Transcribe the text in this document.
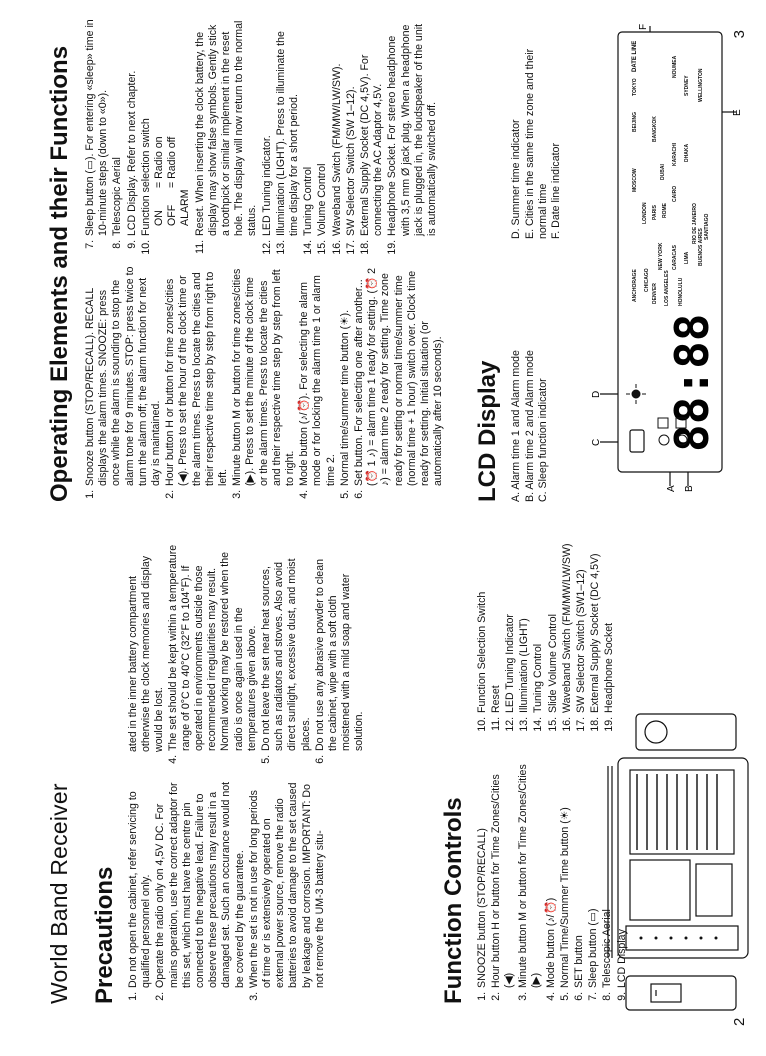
World Band Receiver Precautions 1. Do not open the cabinet, refer servicing to qualified personnel only. 2. Operate the radio only on 4,5V DC. For mains operation, use the correct adaptor for this set, which must have the centre pin connected to the negative lead. Failure to observe these precautions may result in a damaged set. Such an occurance would not be covered by the guarantee. 3. When the set is not in use for long periods of time or is extensively operated on external power source, remove the radio batteries to avoid damage to the set caused by leakage and corrosion. IMPORTANT: Do not remove the UM-3 battery situ-

ated in the inner battery compartment otherwise the clock memories and display would be lost. 4. The set should be kept within a temperature range of 0°C to 40°C (32°F to 104°F). If operated in environments outside those recommended irregularities may result. Normal working may be restored when the radio is once again used in the temperatures given above. 5. Do not leave the set near heat sources, such as radiators and stoves. Also avoid direct sunlight, excessive dust, and moist places. 6. Do not use any abrasive powder to clean the cabinet, wipe with a soft cloth moistened with a mild soap and water solution.
Function Controls 1. SNOOZE button (STOP/RECALL) 2. Hour button H or button for Time Zones/Cities (◀) 3. Minute button M or button for Time Zones/Cities (▶) 4. Mode button (♪/⏰) 5. Normal Time/Summer Time button (☀) 6. SET button 7. Sleep button (▭) 8. Telescopic Aerial 9. LCD Display
10. Function Selection Switch 11. Reset 12. LED Tuning Indicator 13. Illumination (LIGHT) 14. Tuning Control 15. Slide Volume Control 16. Waveband Switch (FM/MW/LW/SW) 17. SW Selector Switch (SW1–12) 18. External Supply Socket (DC 4,5V) 19. Headphone Socket
2
Operating Elements and their Functions 1. Snooze button (STOP/RECALL). RECALL displays the alarm times. SNOOZE: press once while the alarm is sounding to stop the alarm tone for 9 minutes. STOP: press twice to turn the alarm off; the alarm function for next day is maintained. 2. Hour button H or button for time zones/cities (◀). Press to set the hour of the clock time or the alarm times. Press to locate the cities and their respective time step by step from right to left. 3. Minute button M or button for time zones/cities (▶). Press to set the minute of the clock time or the alarm times. Press to locate the cities and their respective time step by step from left to right. 4. Mode button (♪/⏰). For selecting the alarm mode or for locking the alarm time 1 or alarm time 2. 5. Normal time/summer time button (☀). 6. Set button. For selecting one after another... (⏰ 1 ♪) = alarm time 1 ready for setting. (⏰ 2 ♪) = alarm time 2 ready for setting. Time zone ready for setting or normal time/summer time (normal time + 1 hour) switch over. Clock time ready for setting. Initial situation (or automatically after 10 seconds).
7. Sleep button (▭). For entering «sleep» time in 10-minute steps (down to «0»). 8. Telescopic Aerial 9. LCD Display. Refer to next chapter. 10. Function selection switch ON
= Radio on
OFF
= Radio off
ALARM 11. Reset. When inserting the clock battery, the display may show false symbols. Gently stick a toothpick or similar implement in the reset hole. The display will now return to the normal status. 12. LED Tuning indicator. 13. Illumination (LIGHT). Press to illuminate the time display for a short period. 14. Tuning Control 15. Volume Control 16. Waveband Switch (FM/MW/LW/SW). 17. SW Selector Switch (SW 1–12). 18. External Supply Socket (DC 4,5V). For connecting the AC Adaptor 4,5V. 19. Headphone Socket. For stereo headphone with 3,5 mm Ø jack plug. When a headphone jack is plugged in, the loudspeaker of the unit is automatically switched off.
LCD Display A. Alarm time 1 and Alarm mode B. Alarm time 2 and Alarm mode C. Sleep function indicator
D. Summer time indicator E. Cities in the same time zone and their normal time F. Date line indicator
A B
C
D
E
F
88:88
ANCHORAGE CHICAGO
DENVER
NEW YORK
LOS ANGELES
CARACAS
HONOLULU
LIMA BUENOS AIRES
RIO DE JANEIRO SANTIAGO
LONDON PARIS ROME
CAIRO
MOSCOW	DUBAI
KARACHI DHAKA
BANGKOK
BEIJING
TOKYO	SYDNEY WELLINGTON
NOUMEA
DATE LINE
3
